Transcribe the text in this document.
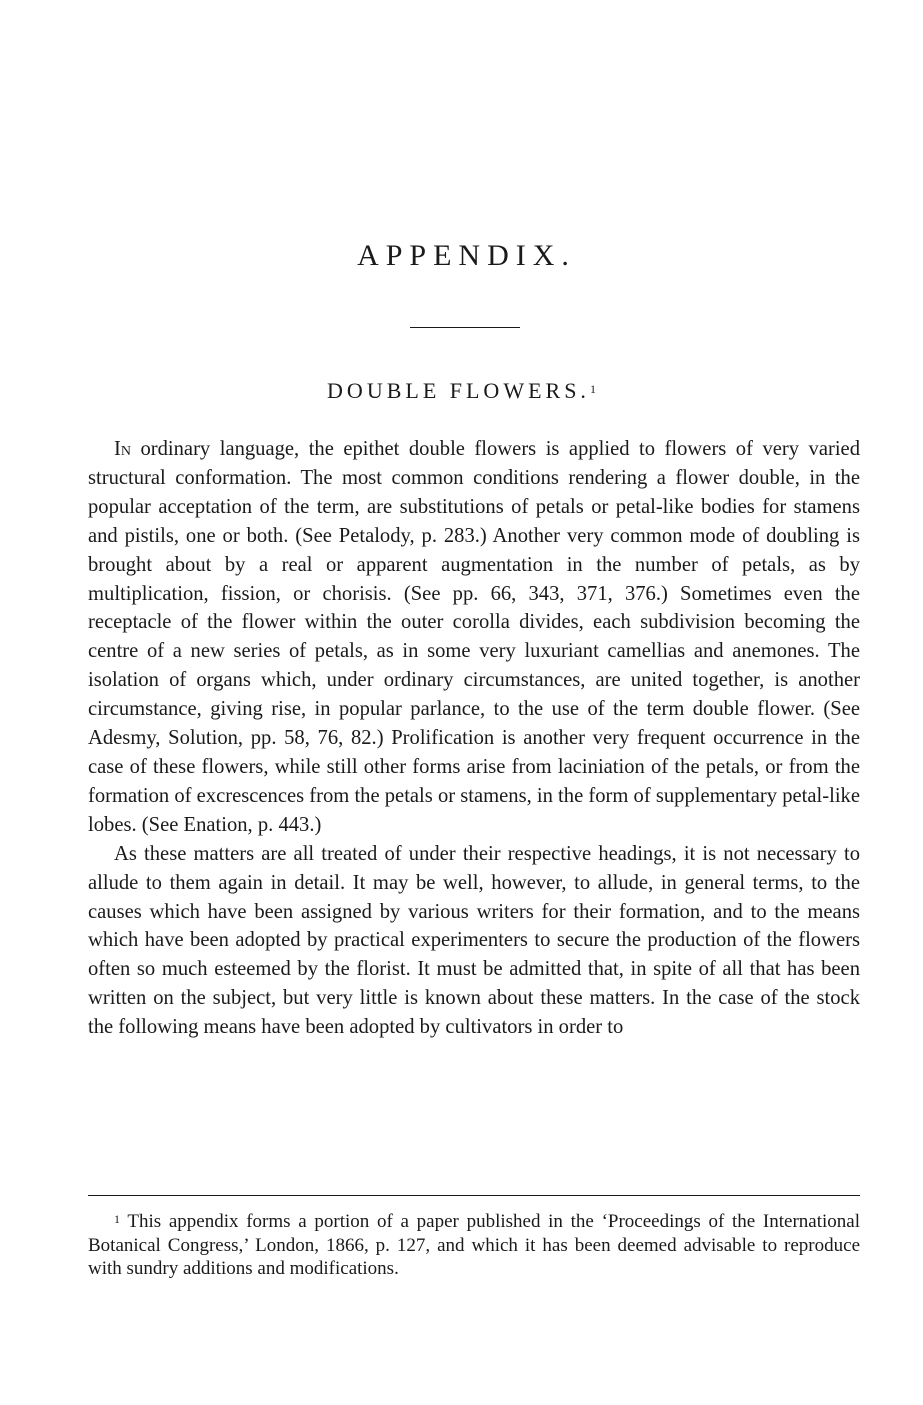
APPENDIX.
DOUBLE FLOWERS.$^1$

In ordinary language, the epithet double flowers is applied to flowers of very varied structural conformation. The most common conditions rendering a flower double, in the popular acceptation of the term, are substitutions of petals or petal-like bodies for stamens and pistils, one or both. (See Petalody, p. 283.) Another very common mode of doubling is brought about by a real or apparent augmentation in the number of petals, as by multiplication, fission, or chorisis. (See pp. 66, 343, 371, 376.) Sometimes even the receptacle of the flower within the outer corolla divides, each subdivision becoming the centre of a new series of petals, as in some very luxuriant camellias and anemones. The isolation of organs which, under ordinary circumstances, are united together, is another circumstance, giving rise, in popular parlance, to the use of the term double flower. (See Adesmy, Solution, pp. 58, 76, 82.) Prolification is another very frequent occurrence in the case of these flowers, while still other forms arise from laciniation of the petals, or from the formation of excrescences from the petals or stamens, in the form of supplementary petal-like lobes. (See Enation, p. 443.)

As these matters are all treated of under their respective headings, it is not necessary to allude to them again in detail. It may be well, however, to allude, in general terms, to the causes which have been assigned by various writers for their formation, and to the means which have been adopted by practical experimenters to secure the production of the flowers often so much esteemed by the florist. It must be admitted that, in spite of all that has been written on the subject, but very little is known about these matters. In the case of the stock the following means have been adopted by cultivators in order to

$^1$ This appendix forms a portion of a paper published in the ‘Proceedings of the International Botanical Congress,’ London, 1866, p. 127, and which it has been deemed advisable to reproduce with sundry additions and modifications.
